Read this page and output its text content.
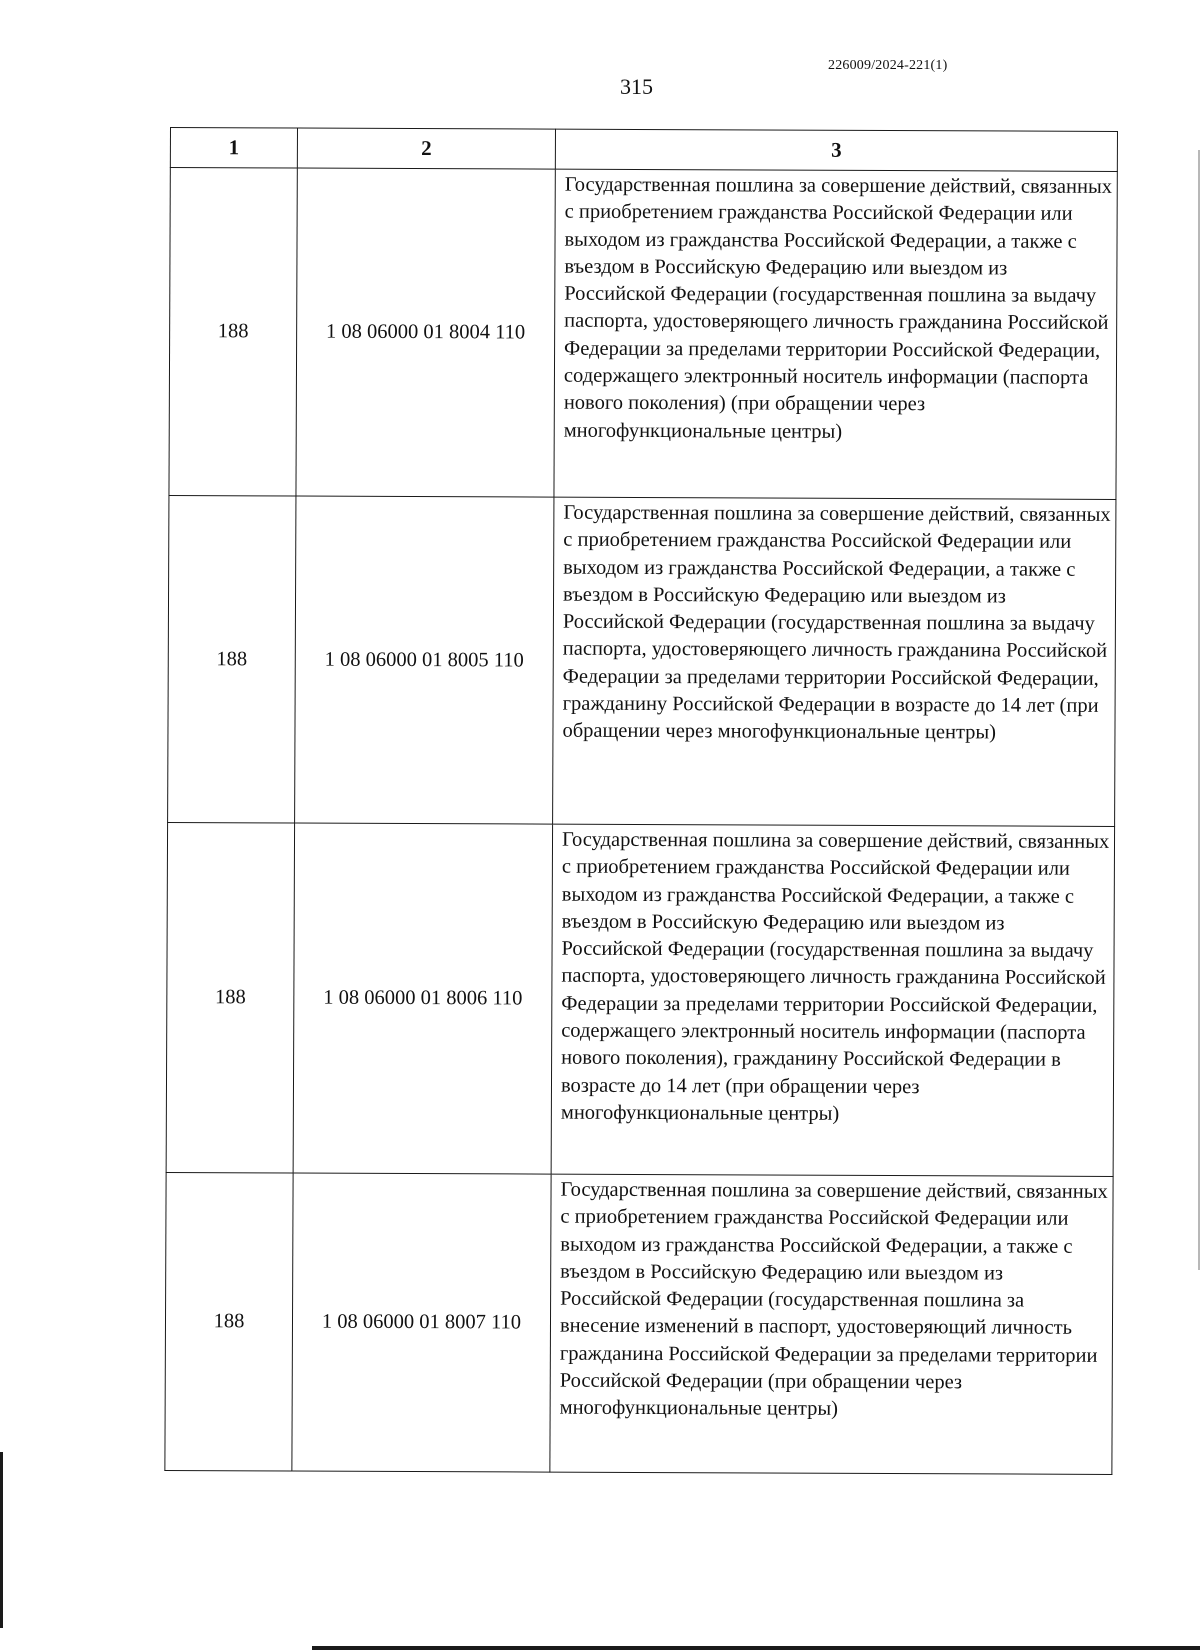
226009/2024-221(1)
315
1	2	3
188	1 08 06000 01 8004 110	Государственная пошлина за совершение действий, связанных с приобретением гражданства Российской Федерации или выходом из гражданства Российской Федерации, а также с въездом в Российскую Федерацию или выездом из Российской Федерации (государственная пошлина за выдачу паспорта, удостоверяющего личность гражданина Российской Федерации за пределами территории Российской Федерации, содержащего электронный носитель информации (паспорта нового поколения) (при обращении через многофункциональные центры)
188	1 08 06000 01 8005 110	Государственная пошлина за совершение действий, связанных с приобретением гражданства Российской Федерации или выходом из гражданства Российской Федерации, а также с въездом в Российскую Федерацию или выездом из Российской Федерации (государственная пошлина за выдачу паспорта, удостоверяющего личность гражданина Российской Федерации за пределами территории Российской Федерации, гражданину Российской Федерации в возрасте до 14 лет (при обращении через многофункциональные центры)
188	1 08 06000 01 8006 110	Государственная пошлина за совершение действий, связанных с приобретением гражданства Российской Федерации или выходом из гражданства Российской Федерации, а также с въездом в Российскую Федерацию или выездом из Российской Федерации (государственная пошлина за выдачу паспорта, удостоверяющего личность гражданина Российской Федерации за пределами территории Российской Федерации, содержащего электронный носитель информации (паспорта нового поколения), гражданину Российской Федерации в возрасте до 14 лет (при обращении через многофункциональные центры)
188	1 08 06000 01 8007 110	Государственная пошлина за совершение действий, связанных с приобретением гражданства Российской Федерации или выходом из гражданства Российской Федерации, а также с въездом в Российскую Федерацию или выездом из Российской Федерации (государственная пошлина за внесение изменений в паспорт, удостоверяющий личность гражданина Российской Федерации за пределами территории Российской Федерации (при обращении через многофункциональные центры)
